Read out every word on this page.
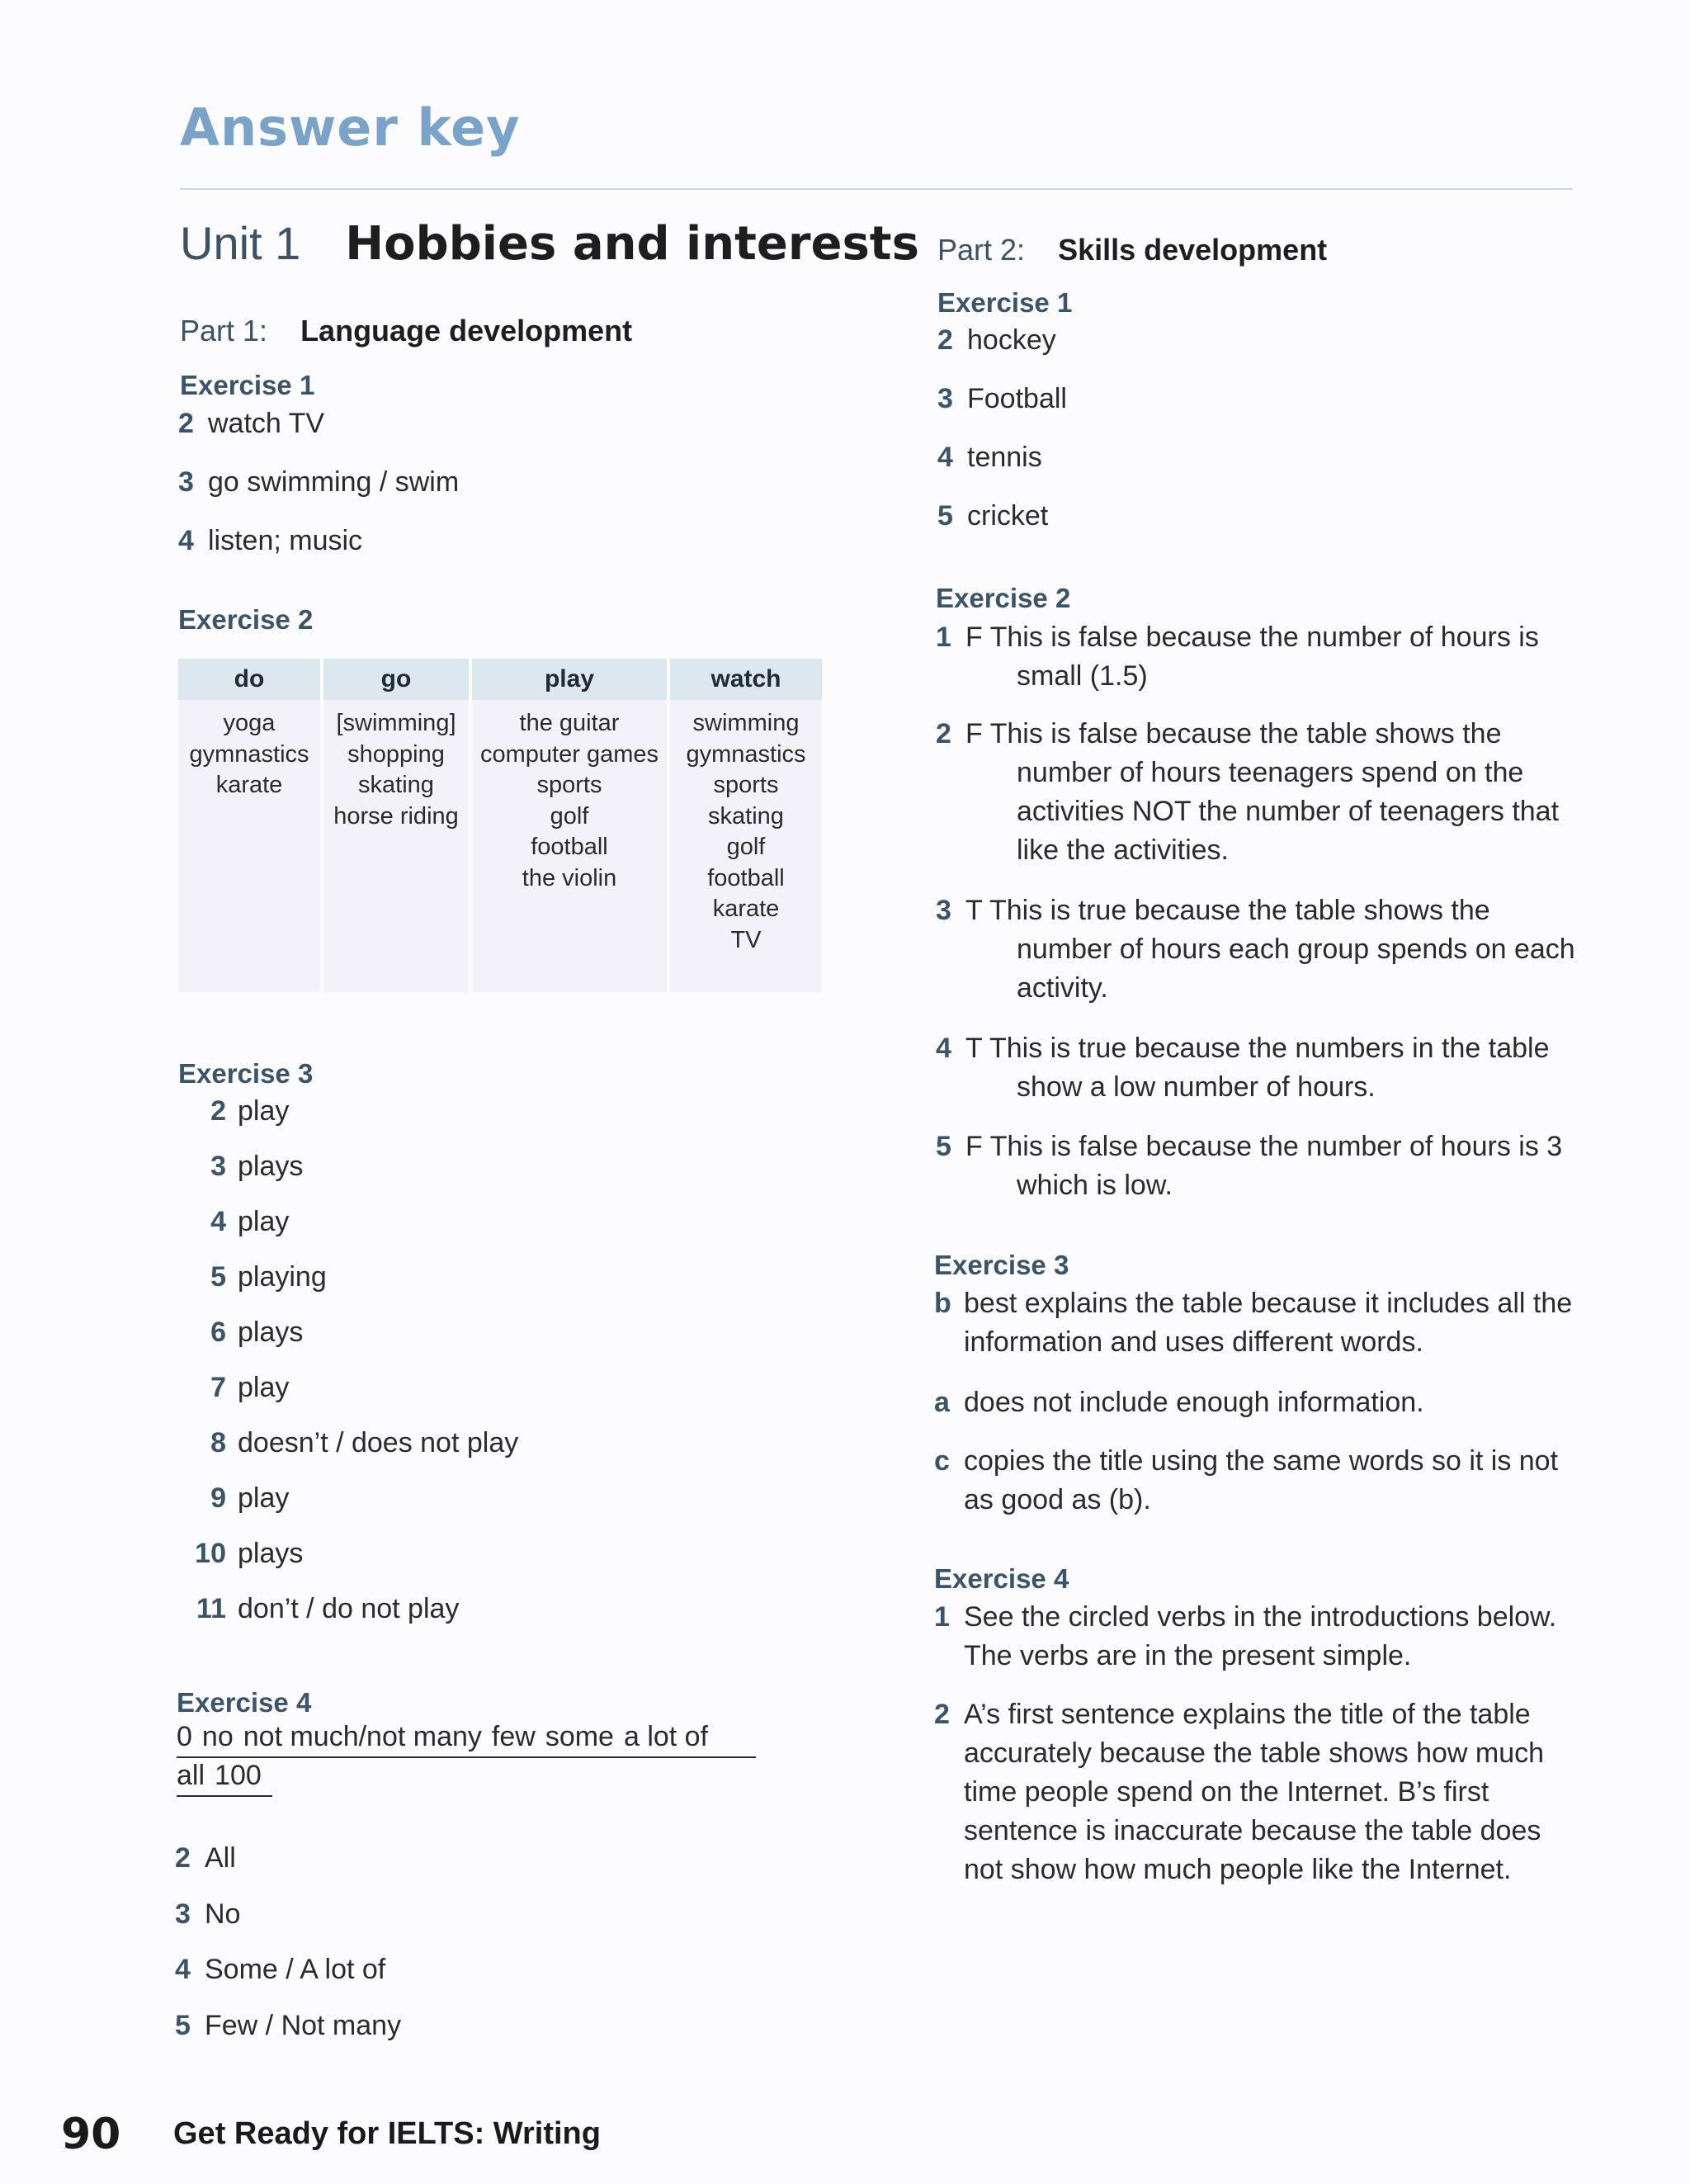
Answer key
Unit 1 Hobbies and interests
Part 1: Language development
Exercise 1
2 watch TV
3 go swimming / swim
4 listen; music
Exercise 2
do
yoga
gymnastics
karate
go
[swimming]
shopping
skating
horse riding
play
the guitar
computer games
sports
golf
football
the violin
watch
swimming
gymnastics
sports
skating
golf
football
karate
TV
Exercise 3
2 play
3 plays
4 play
5 playing
6 plays
7 play
8 doesn’t / does not play
9 play
10 plays
11 don’t / do not play
Exercise 4
0 no not much/not many few some a lot of
all 100
2 All
3 No
4 Some / A lot of
5 Few / Not many
Part 2: Skills development
Exercise 1
2 hockey
3 Football
4 tennis
5 cricket
Exercise 2
1 F This is false because the number of hours is small (1.5)
2 F This is false because the table shows the number of hours teenagers spend on the activities NOT the number of teenagers that like the activities.
3 T This is true because the table shows the number of hours each group spends on each activity.
4 T This is true because the numbers in the table show a low number of hours.
5 F This is false because the number of hours is 3 which is low.
Exercise 3
b best explains the table because it includes all the information and uses different words.
a does not include enough information.
c copies the title using the same words so it is not as good as (b).
Exercise 4
1 See the circled verbs in the introductions below. The verbs are in the present simple.
2 A’s first sentence explains the title of the table accurately because the table shows how much time people spend on the Internet. B’s first sentence is inaccurate because the table does not show how much people like the Internet.
90 Get Ready for IELTS: Writing
